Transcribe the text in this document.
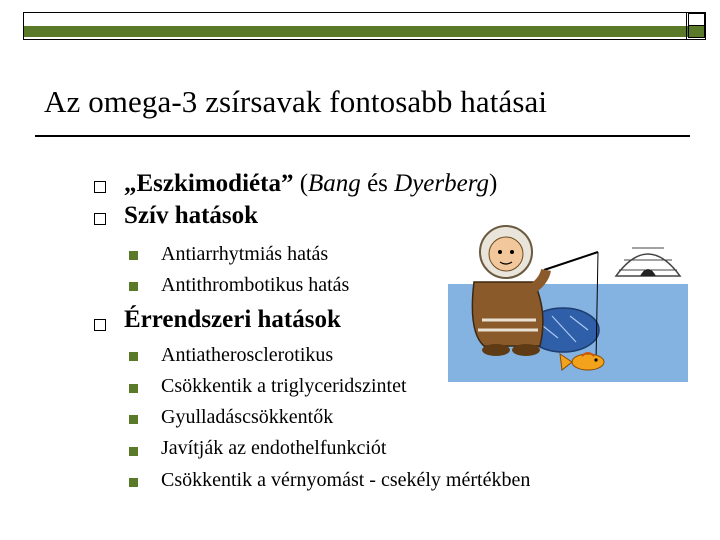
Az omega-3 zsírsavak fontosabb hatásai
„Eszkimodiéta” (Bang és Dyerberg)
Szív hatások
Antiarrhytmiás hatás
Antithrombotikus hatás
Érrendszeri hatások
Antiatherosclerotikus
Csökkentik a triglyceridszintet
Gyulladáscsökkentők
Javítják az endothelfunkciót
Csökkentik a vérnyomást - csekély mértékben
